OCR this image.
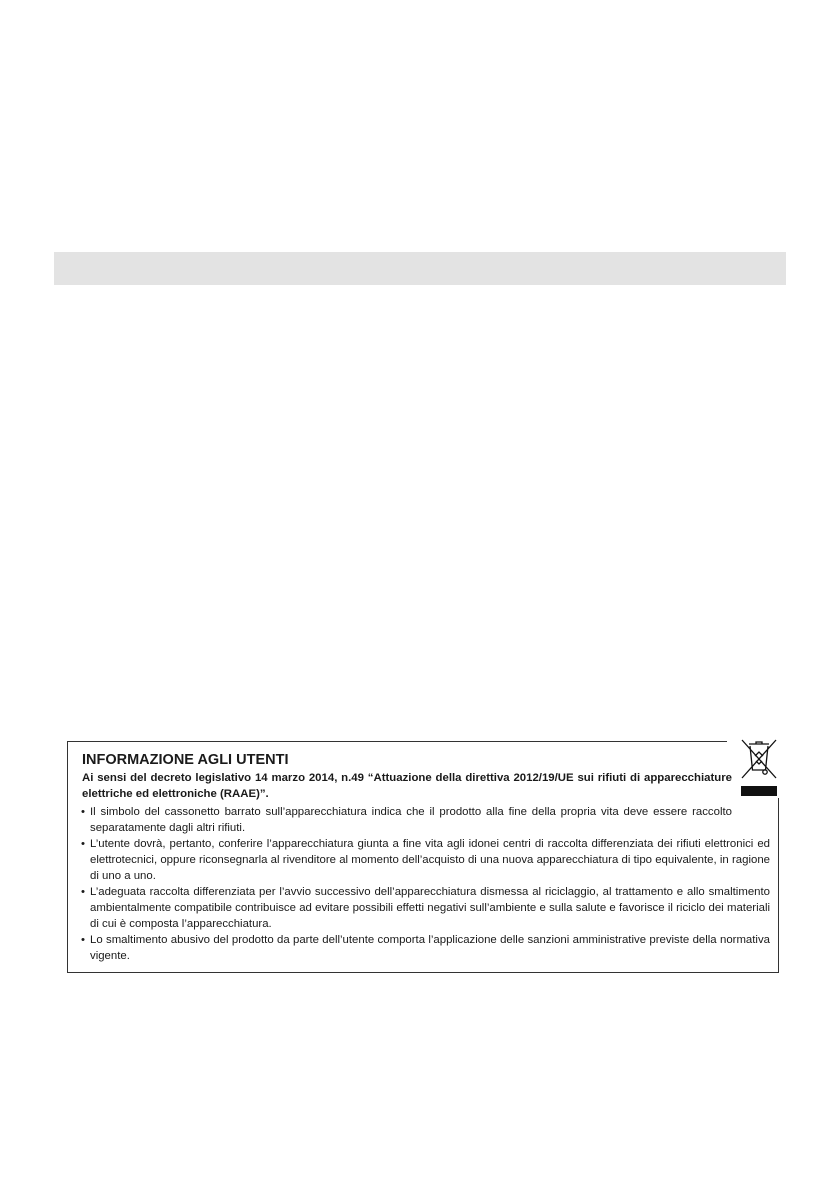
INFORMAZIONE AGLI UTENTI

Ai sensi del decreto legislativo 14 marzo 2014, n.49 “Attuazione della direttiva 2012/19/UE sui rifiuti di apparecchiature elettriche ed elettroniche (RAAE)”.

• Il simbolo del cassonetto barrato sull’apparecchiatura indica che il prodotto alla fine della propria vita deve essere raccolto separatamente dagli altri rifiuti.
• L’utente dovrà, pertanto, conferire l’apparecchiatura giunta a fine vita agli idonei centri di raccolta differenziata dei rifiuti elettronici ed elettrotecnici, oppure riconsegnarla al rivenditore al momento dell’acquisto di una nuova apparecchiatura di tipo equivalente, in ragione di uno a uno.
• L’adeguata raccolta differenziata per l’avvio successivo dell’apparecchiatura dismessa al riciclaggio, al trattamento e allo smaltimento ambientalmente compatibile contribuisce ad evitare possibili effetti negativi sull’ambiente e sulla salute e favorisce il riciclo dei materiali di cui è composta l’apparecchiatura.
• Lo smaltimento abusivo del prodotto da parte dell’utente comporta l’applicazione delle sanzioni amministrative previste della normativa vigente.
